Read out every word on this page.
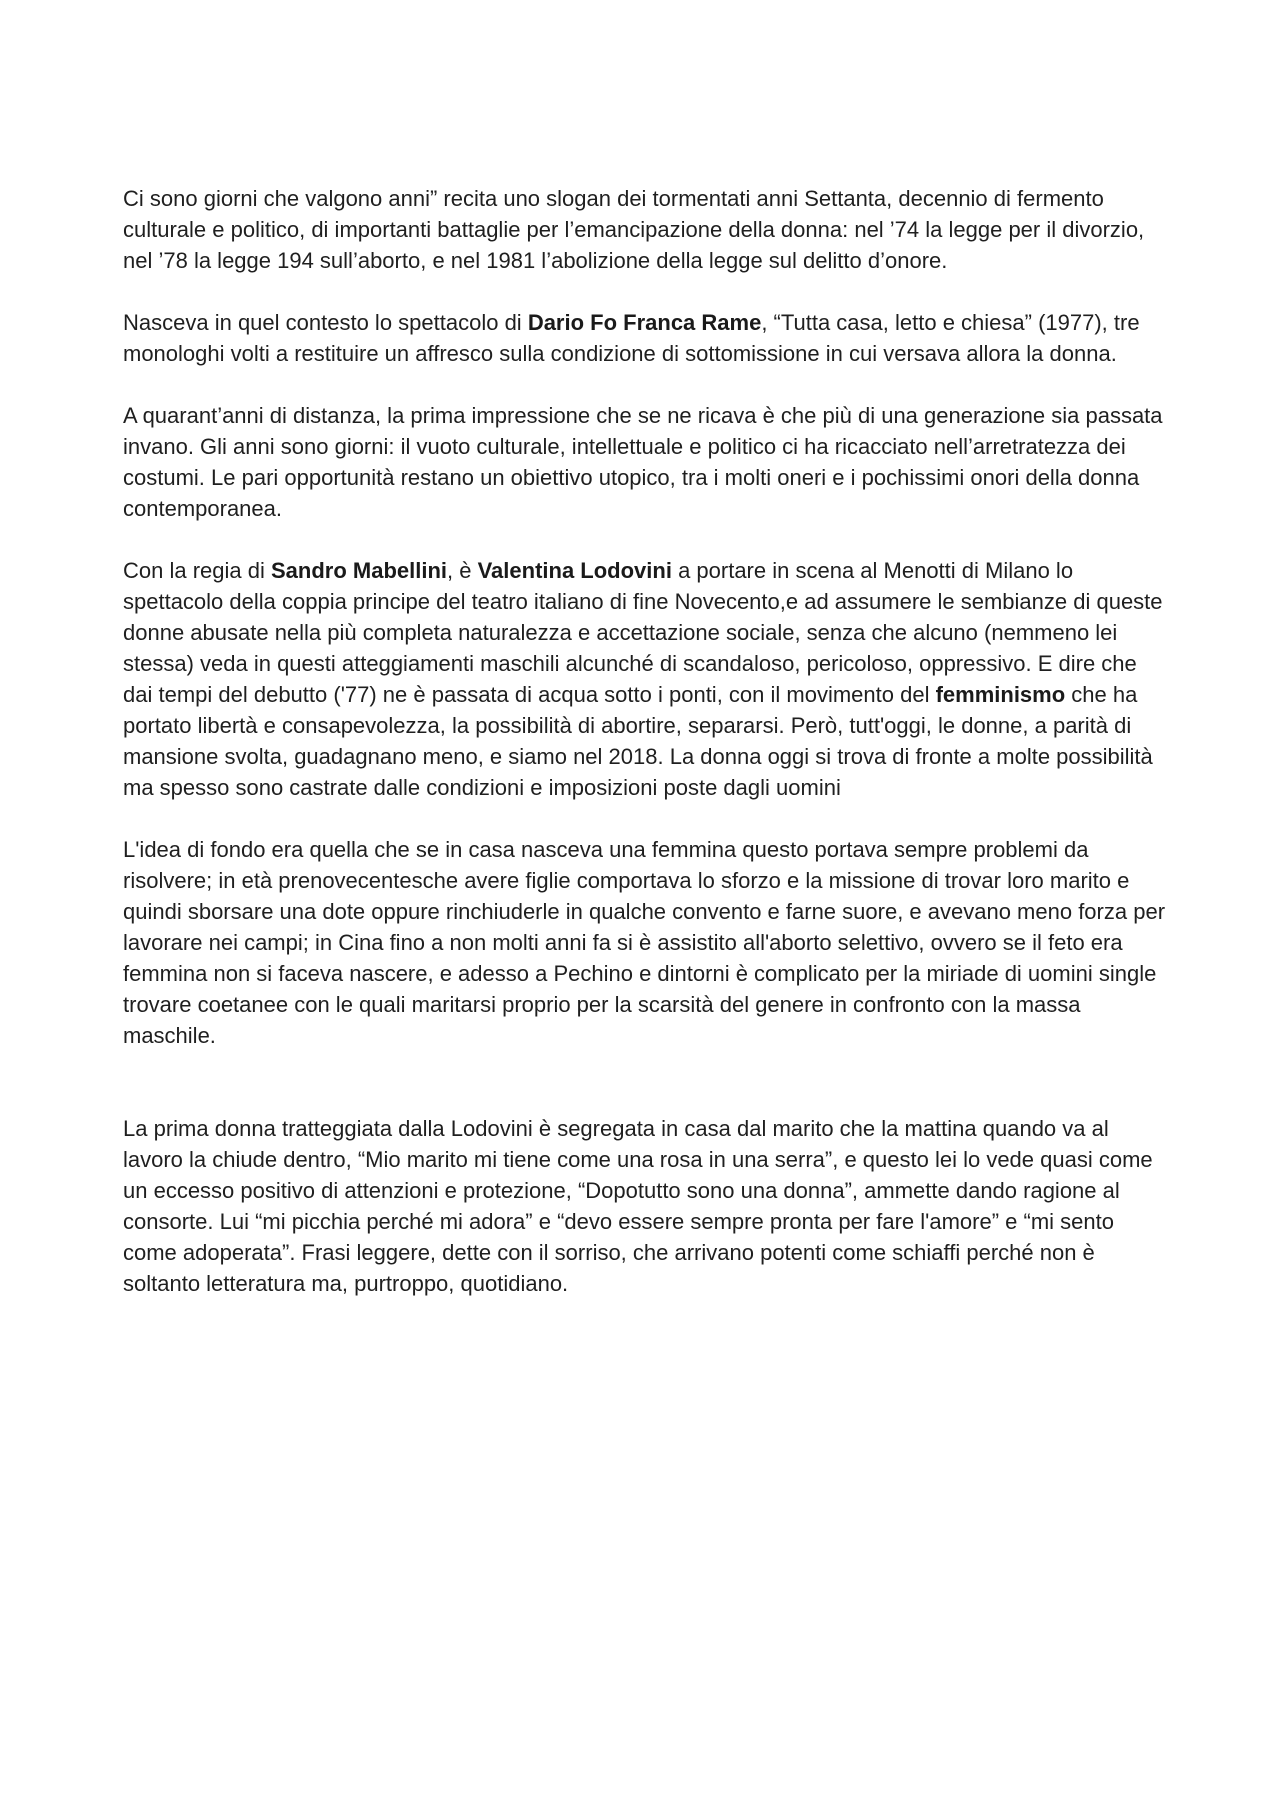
Ci sono giorni che valgono anni” recita uno slogan dei tormentati anni Settanta, decennio di fermento culturale e politico, di importanti battaglie per l’emancipazione della donna: nel ’74 la legge per il divorzio, nel ’78 la legge 194 sull’aborto, e nel 1981 l’abolizione della legge sul delitto d’onore.

Nasceva in quel contesto lo spettacolo di Dario Fo Franca Rame, “Tutta casa, letto e chiesa” (1977), tre monologhi volti a restituire un affresco sulla condizione di sottomissione in cui versava allora la donna.

A quarant’anni di distanza, la prima impressione che se ne ricava è che più di una generazione sia passata invano. Gli anni sono giorni: il vuoto culturale, intellettuale e politico ci ha ricacciato nell’arretratezza dei costumi. Le pari opportunità restano un obiettivo utopico, tra i molti oneri e i pochissimi onori della donna contemporanea.

Con la regia di Sandro Mabellini, è Valentina Lodovini a portare in scena al Menotti di Milano lo spettacolo della coppia principe del teatro italiano di fine Novecento,e ad assumere le sembianze di queste donne abusate nella più completa naturalezza e accettazione sociale, senza che alcuno (nemmeno lei stessa) veda in questi atteggiamenti maschili alcunché di scandaloso, pericoloso, oppressivo. E dire che dai tempi del debutto ('77) ne è passata di acqua sotto i ponti, con il movimento del femminismo che ha portato libertà e consapevolezza, la possibilità di abortire, separarsi. Però, tutt'oggi, le donne, a parità di mansione svolta, guadagnano meno, e siamo nel 2018. La donna oggi si trova di fronte a molte possibilità ma spesso sono castrate dalle condizioni e imposizioni poste dagli uomini

L'idea di fondo era quella che se in casa nasceva una femmina questo portava sempre problemi da risolvere; in età prenovecentesche avere figlie comportava lo sforzo e la missione di trovar loro marito e quindi sborsare una dote oppure rinchiuderle in qualche convento e farne suore, e avevano meno forza per lavorare nei campi; in Cina fino a non molti anni fa si è assistito all'aborto selettivo, ovvero se il feto era femmina non si faceva nascere, e adesso a Pechino e dintorni è complicato per la miriade di uomini single trovare coetanee con le quali maritarsi proprio per la scarsità del genere in confronto con la massa maschile.

La prima donna tratteggiata dalla Lodovini è segregata in casa dal marito che la mattina quando va al lavoro la chiude dentro, “Mio marito mi tiene come una rosa in una serra”, e questo lei lo vede quasi come un eccesso positivo di attenzioni e protezione, “Dopotutto sono una donna”, ammette dando ragione al consorte. Lui “mi picchia perché mi adora” e “devo essere sempre pronta per fare l'amore” e “mi sento come adoperata”. Frasi leggere, dette con il sorriso, che arrivano potenti come schiaffi perché non è soltanto letteratura ma, purtroppo, quotidiano.
